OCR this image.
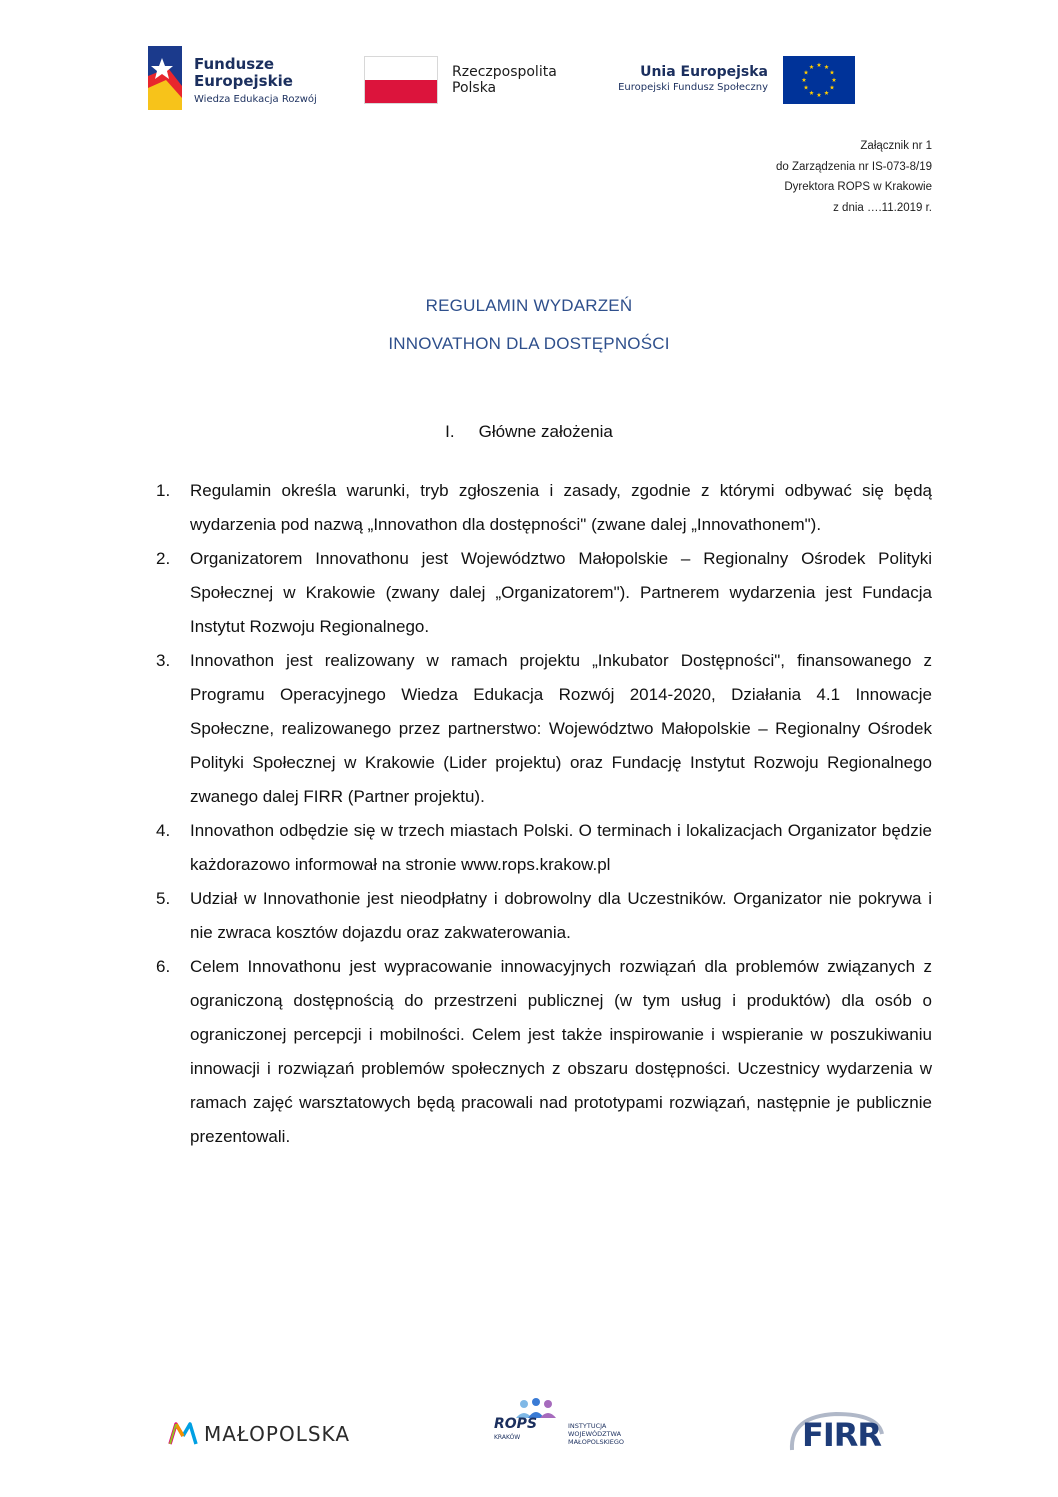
Fundusze
Europejskie
Wiedza Edukacja Rozwój
Rzeczpospolita
Polska
Unia Europejska
Europejski Fundusz Społeczny
Załącznik nr 1
do Zarządzenia nr IS-073-8/19
Dyrektora ROPS w Krakowie
z dnia ….11.2019 r.
REGULAMIN WYDARZEŃ
INNOVATHON DLA DOSTĘPNOŚCI
I. Główne założenia
1. Regulamin określa warunki, tryb zgłoszenia i zasady, zgodnie z którymi odbywać się będą wydarzenia pod nazwą „Innovathon dla dostępności" (zwane dalej „Innovathonem").
2. Organizatorem Innovathonu jest Województwo Małopolskie – Regionalny Ośrodek Polityki Społecznej w Krakowie (zwany dalej „Organizatorem"). Partnerem wydarzenia jest Fundacja Instytut Rozwoju Regionalnego.
3. Innovathon jest realizowany w ramach projektu „Inkubator Dostępności", finansowanego z Programu Operacyjnego Wiedza Edukacja Rozwój 2014-2020, Działania 4.1 Innowacje Społeczne, realizowanego przez partnerstwo: Województwo Małopolskie – Regionalny Ośrodek Polityki Społecznej w Krakowie (Lider projektu) oraz Fundację Instytut Rozwoju Regionalnego zwanego dalej FIRR (Partner projektu).
4. Innovathon odbędzie się w trzech miastach Polski. O terminach i lokalizacjach Organizator będzie każdorazowo informował na stronie www.rops.krakow.pl
5. Udział w Innovathonie jest nieodpłatny i dobrowolny dla Uczestników. Organizator nie pokrywa i nie zwraca kosztów dojazdu oraz zakwaterowania.
6. Celem Innovathonu jest wypracowanie innowacyjnych rozwiązań dla problemów związanych z ograniczoną dostępnością do przestrzeni publicznej (w tym usług i produktów) dla osób o ograniczonej percepcji i mobilności. Celem jest także inspirowanie i wspieranie w poszukiwaniu innowacji i rozwiązań problemów społecznych z obszaru dostępności. Uczestnicy wydarzenia w ramach zajęć warsztatowych będą pracowali nad prototypami rozwiązań, następnie je publicznie prezentowali.
MAŁOPOLSKA	ROPS
KRAKÓW
INSTYTUCJA
WOJEWÓDZTWA
MAŁOPOLSKIEGO	FIRR
